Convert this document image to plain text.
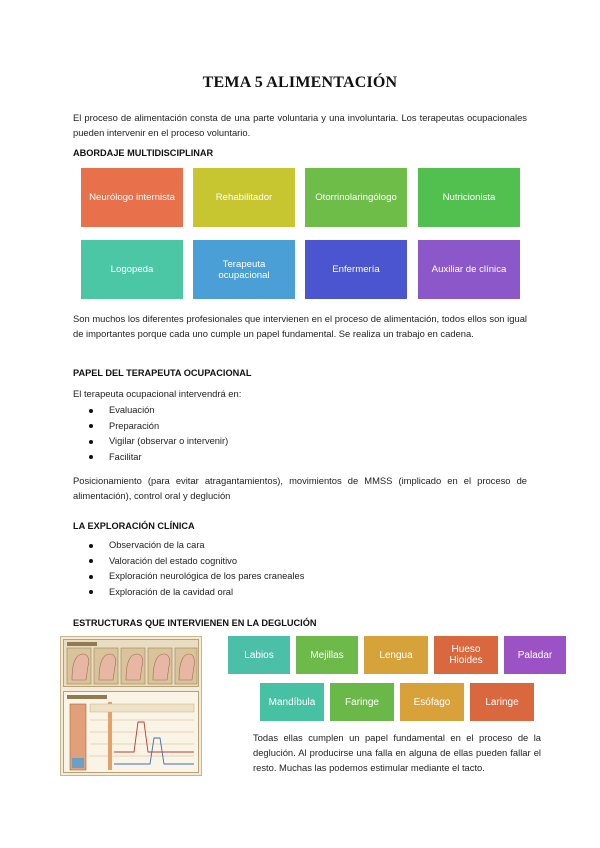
TEMA 5 ALIMENTACIÓN

El proceso de alimentación consta de una parte voluntaria y una involuntaria. Los terapeutas ocupacionales pueden intervenir en el proceso voluntario.

ABORDAJE MULTIDISCIPLINAR
Neurólogo internista	Rehabilitador	Otorrinolaringólogo	Nutricionista
Logopeda	Terapeuta ocupacional	Enfermería	Auxiliar de clínica

Son muchos los diferentes profesionales que intervienen en el proceso de alimentación, todos ellos son igual de importantes porque cada uno cumple un papel fundamental. Se realiza un trabajo en cadena.

PAPEL DEL TERAPEUTA OCUPACIONAL

El terapeuta ocupacional intervendrá en:

Evaluación
Preparación
Vigilar (observar o intervenir)
Facilitar

Posicionamiento (para evitar atragantamientos), movimientos de MMSS (implicado en el proceso de alimentación), control oral y deglución

LA EXPLORACIÓN CLÍNICA
Observación de la cara
Valoración del estado cognitivo
Exploración neurológica de los pares craneales
Exploración de la cavidad oral
ESTRUCTURAS QUE INTERVIENEN EN LA DEGLUCIÓN
Labios	Mejillas	Lengua	Hueso Hioides	Paladar
Mandíbula	Faringe	Esófago	Laringe

Todas ellas cumplen un papel fundamental en el proceso de la deglución. Al producirse una falla en alguna de ellas pueden fallar el resto. Muchas las podemos estimular mediante el tacto.
